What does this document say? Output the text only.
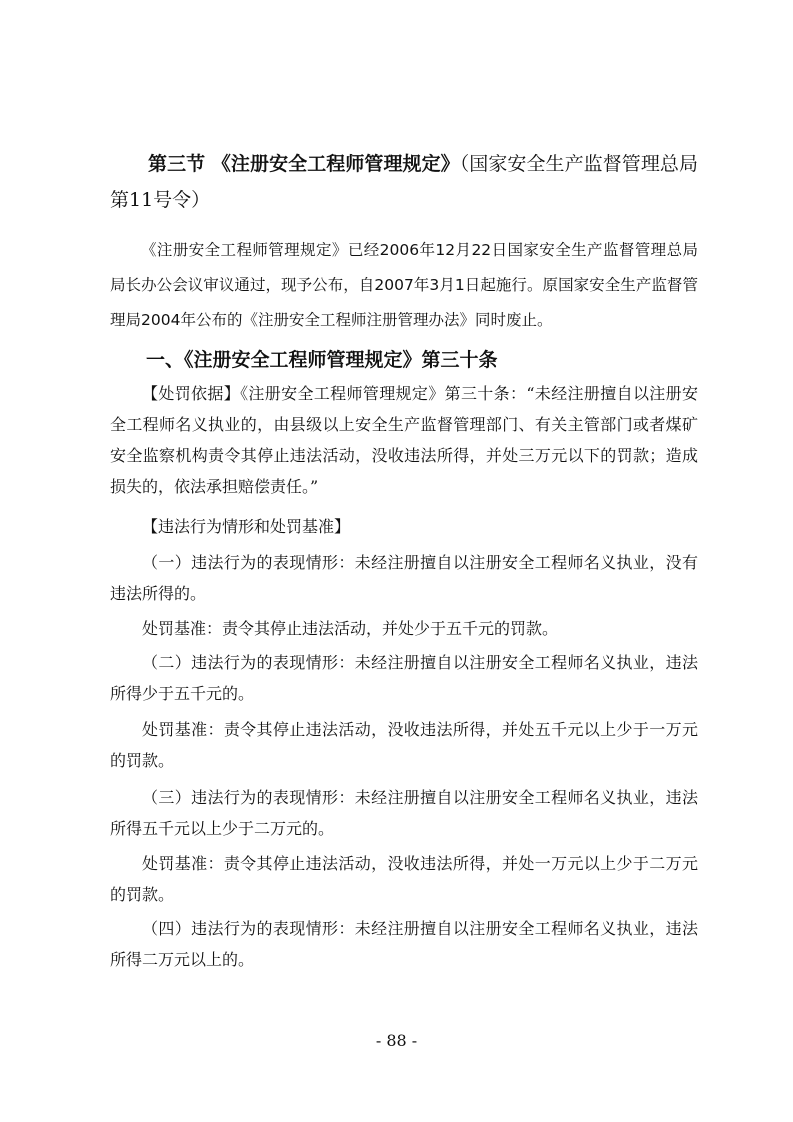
第三节 《注册安全工程师管理规定》（国家安全生产监督管理总局第11号令）

《注册安全工程师管理规定》已经2006年12月22日国家安全生产监督管理总局局长办公会议审议通过，现予公布，自2007年3月1日起施行。原国家安全生产监督管理局2004年公布的《注册安全工程师注册管理办法》同时废止。

一、《注册安全工程师管理规定》第三十条

【处罚依据】《注册安全工程师管理规定》第三十条：“未经注册擅自以注册安全工程师名义执业的，由县级以上安全生产监督管理部门、有关主管部门或者煤矿安全监察机构责令其停止违法活动，没收违法所得，并处三万元以下的罚款；造成损失的，依法承担赔偿责任。”

【违法行为情形和处罚基准】

（一）违法行为的表现情形：未经注册擅自以注册安全工程师名义执业，没有违法所得的。

处罚基准：责令其停止违法活动，并处少于五千元的罚款。

（二）违法行为的表现情形：未经注册擅自以注册安全工程师名义执业，违法所得少于五千元的。

处罚基准：责令其停止违法活动，没收违法所得，并处五千元以上少于一万元的罚款。

（三）违法行为的表现情形：未经注册擅自以注册安全工程师名义执业，违法所得五千元以上少于二万元的。

处罚基准：责令其停止违法活动，没收违法所得，并处一万元以上少于二万元的罚款。

（四）违法行为的表现情形：未经注册擅自以注册安全工程师名义执业，违法所得二万元以上的。

- 88 -
